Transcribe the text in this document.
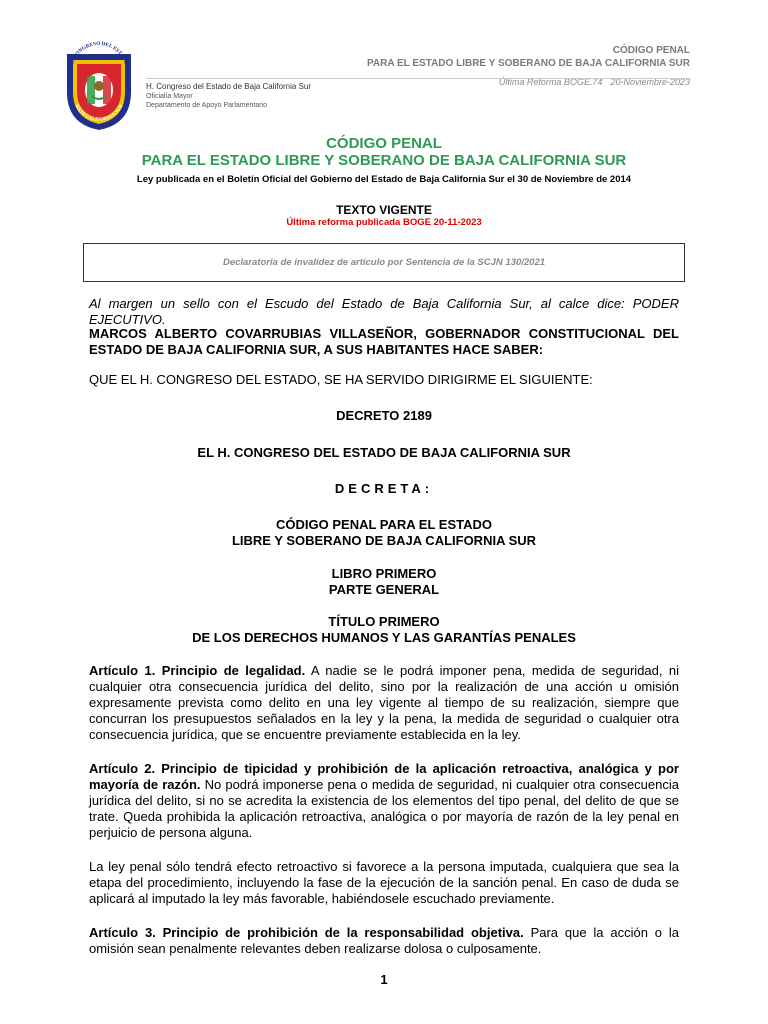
H. CONGRESO DEL ESTADO
BAJA CALIFORNIA SUR
H. Congreso del Estado de Baja California Sur
Oficialía Mayor
Departamento de Apoyo Parlamentario
CÓDIGO PENAL
PARA EL ESTADO LIBRE Y SOBERANO DE BAJA CALIFORNIA SUR
Última Reforma BOGE.74 20-Noviembre-2023
CÓDIGO PENAL
PARA EL ESTADO LIBRE Y SOBERANO DE BAJA CALIFORNIA SUR
Ley publicada en el Boletín Oficial del Gobierno del Estado de Baja California Sur el 30 de Noviembre de 2014
TEXTO VIGENTE
Última reforma publicada BOGE 20-11-2023
Declaratoria de invalidez de artículo por Sentencia de la SCJN 130/2021
Al margen un sello con el Escudo del Estado de Baja California Sur, al calce dice: PODER EJECUTIVO.
MARCOS ALBERTO COVARRUBIAS VILLASEÑOR, GOBERNADOR CONSTITUCIONAL DEL ESTADO DE BAJA CALIFORNIA SUR, A SUS HABITANTES HACE SABER:
QUE EL H. CONGRESO DEL ESTADO, SE HA SERVIDO DIRIGIRME EL SIGUIENTE:
DECRETO 2189
EL H. CONGRESO DEL ESTADO DE BAJA CALIFORNIA SUR
DECRETA:
CÓDIGO PENAL PARA EL ESTADO
LIBRE Y SOBERANO DE BAJA CALIFORNIA SUR
LIBRO PRIMERO
PARTE GENERAL
TÍTULO PRIMERO
DE LOS DERECHOS HUMANOS Y LAS GARANTÍAS PENALES
Artículo 1. Principio de legalidad. A nadie se le podrá imponer pena, medida de seguridad, ni cualquier otra consecuencia jurídica del delito, sino por la realización de una acción u omisión expresamente prevista como delito en una ley vigente al tiempo de su realización, siempre que concurran los presupuestos señalados en la ley y la pena, la medida de seguridad o cualquier otra consecuencia jurídica, que se encuentre previamente establecida en la ley.
Artículo 2. Principio de tipicidad y prohibición de la aplicación retroactiva, analógica y por mayoría de razón. No podrá imponerse pena o medida de seguridad, ni cualquier otra consecuencia jurídica del delito, si no se acredita la existencia de los elementos del tipo penal, del delito de que se trate. Queda prohibida la aplicación retroactiva, analógica o por mayoría de razón de la ley penal en perjuicio de persona alguna.
La ley penal sólo tendrá efecto retroactivo si favorece a la persona imputada, cualquiera que sea la etapa del procedimiento, incluyendo la fase de la ejecución de la sanción penal. En caso de duda se aplicará al imputado la ley más favorable, habiéndosele escuchado previamente.
Artículo 3. Principio de prohibición de la responsabilidad objetiva. Para que la acción o la omisión sean penalmente relevantes deben realizarse dolosa o culposamente.
1
